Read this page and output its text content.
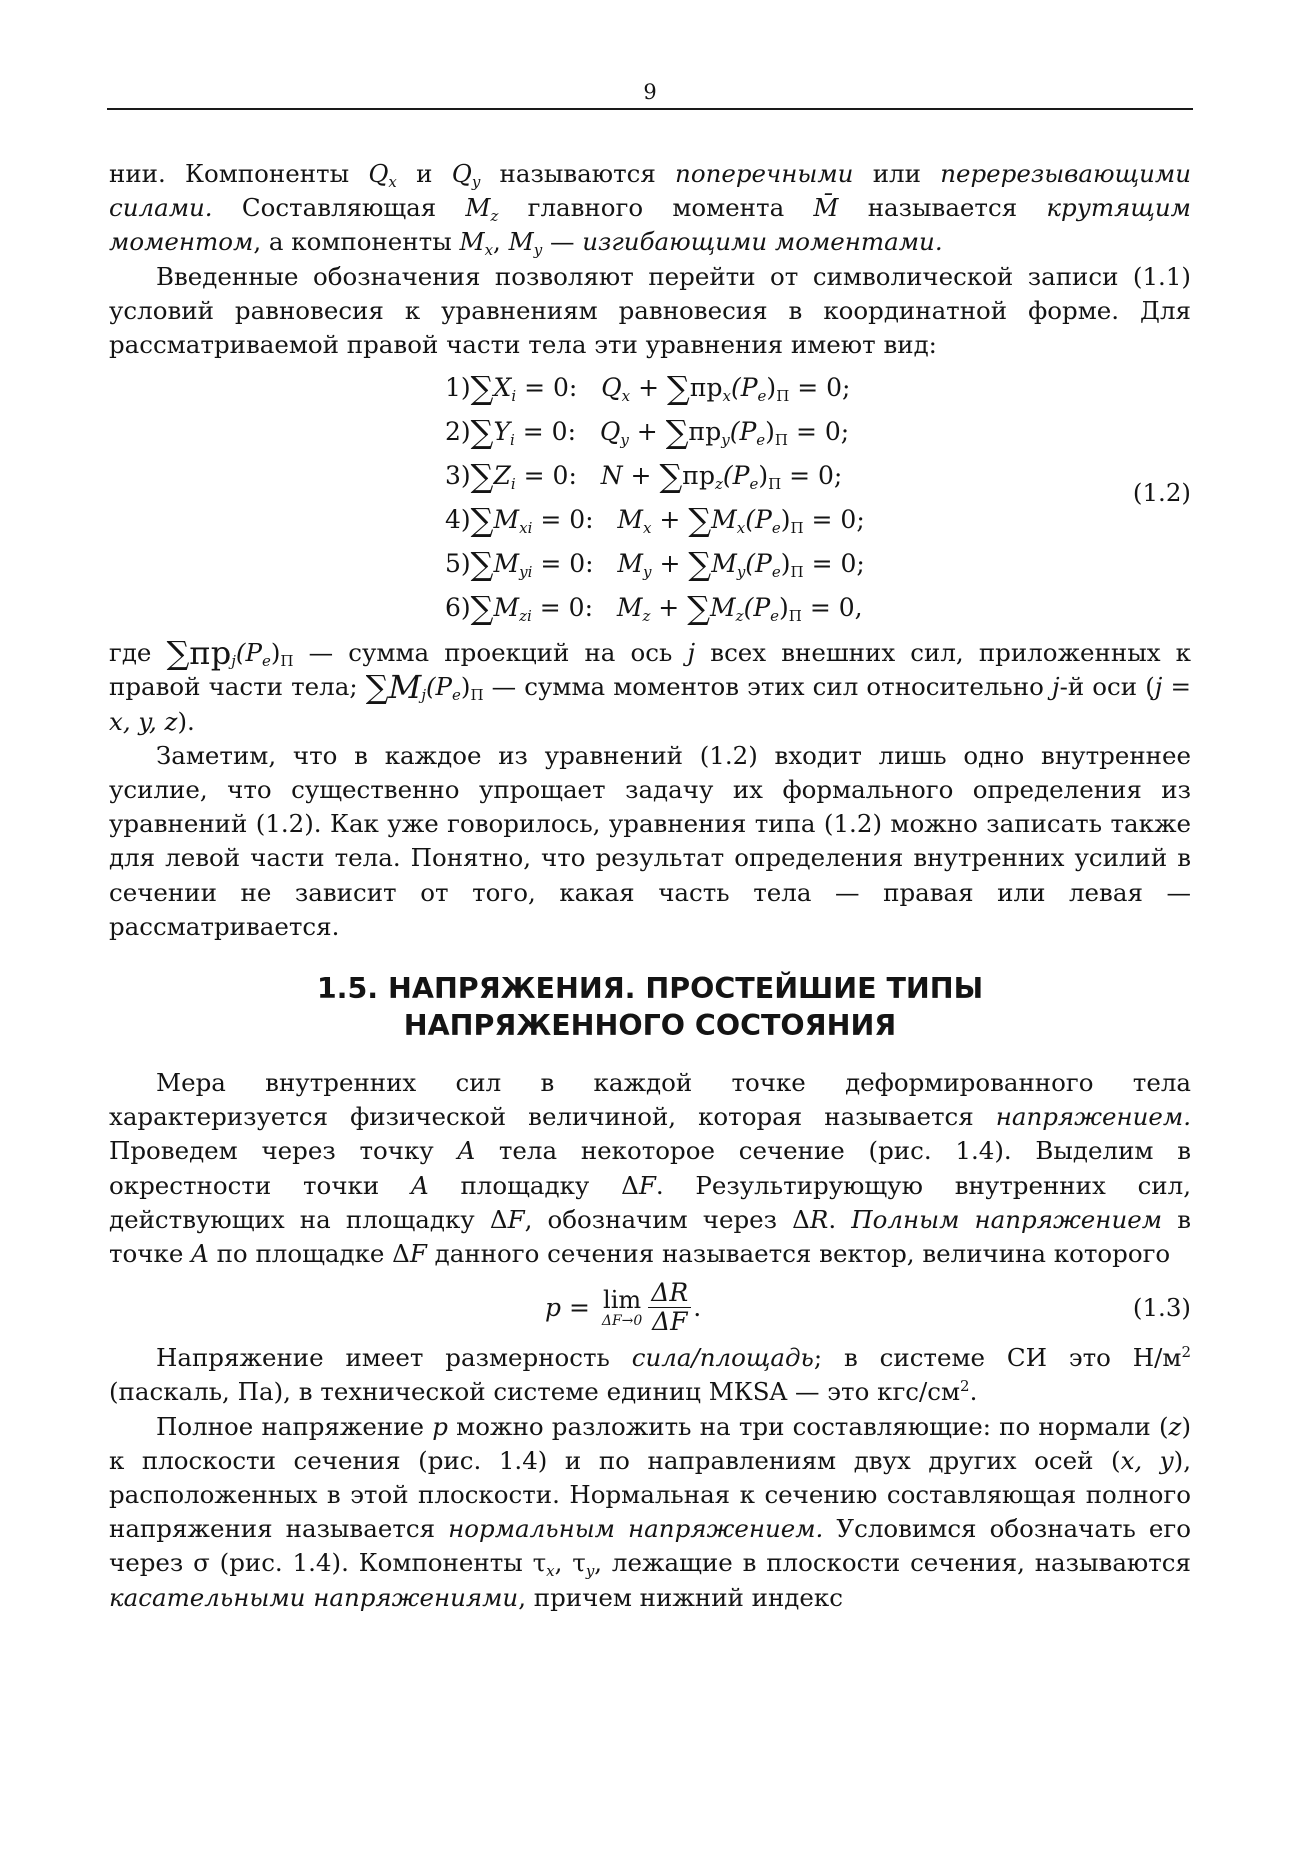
9

нии. Компоненты $Q_x$ и $Q_y$ называются поперечными или перерезывающими силами. Составляющая $M_z$ главного момента M̄ называется крутящим моментом, а компоненты $M_x$, $M_y$ — изгибающими моментами.

Введенные обозначения позволяют перейти от символической записи (1.1) условий равновесия к уравнениям равновесия в координатной форме. Для рассматриваемой правой части тела эти уравнения имеют вид:

$1)\sum X_i = 0$:   $Q_x + \sum пр_x(P_e)_П = 0$;
$2)\sum Y_i = 0$:   $Q_y + \sum пр_y(P_e)_П = 0$;
$3)\sum Z_i = 0$:   $N + \sum пр_z(P_e)_П = 0$;
$4)\sum M_{xi} = 0$:   $M_x + \sum M_x(P_e)_П = 0$;
$5)\sum M_{yi} = 0$:   $M_y + \sum M_y(P_e)_П = 0$;
$6)\sum M_{zi} = 0$:   $M_z + \sum M_z(P_e)_П = 0$,
(1.2)

где $\sum пр_j(P_e)_П$ — сумма проекций на ось j всех внешних сил, приложенных к правой части тела; $\sum M_j(P_e)_П$ — сумма моментов этих сил относительно j-й оси (j = x, y, z).

Заметим, что в каждое из уравнений (1.2) входит лишь одно внутреннее усилие, что существенно упрощает задачу их формального определения из уравнений (1.2). Как уже говорилось, уравнения типа (1.2) можно записать также для левой части тела. Понятно, что результат определения внутренних усилий в сечении не зависит от того, какая часть тела — правая или левая — рассматривается.

1.5. НАПРЯЖЕНИЯ. ПРОСТЕЙШИЕ ТИПЫ
НАПРЯЖЕННОГО СОСТОЯНИЯ

Мера внутренних сил в каждой точке деформированного тела характеризуется физической величиной, которая называется напряжением. Проведем через точку A тела некоторое сечение (рис. 1.4). Выделим в окрестности точки A площадку ΔF. Результирующую внутренних сил, действующих на площадку ΔF, обозначим через ΔR. Полным напряжением в точке A по площадке ΔF данного сечения называется вектор, величина которого

p = lim
$\Delta F\to 0 \frac{\Delta R}{\Delta F}$ .	(1.3)

Напряжение имеет размерность сила/площадь; в системе СИ это $Н/м^2$ (паскаль, Па), в технической системе единиц МКSA — это кгс/$см^2$.

Полное напряжение p можно разложить на три составляющие: по нормали (z) к плоскости сечения (рис. 1.4) и по направлениям двух других осей (x, y), расположенных в этой плоскости. Нормальная к сечению составляющая полного напряжения называется нормальным напряжением. Условимся обозначать его через σ (рис. 1.4). Компоненты $\tau_x$, $\tau_y$, лежащие в плоскости сечения, называются касательными напряжениями, причем нижний индекс
